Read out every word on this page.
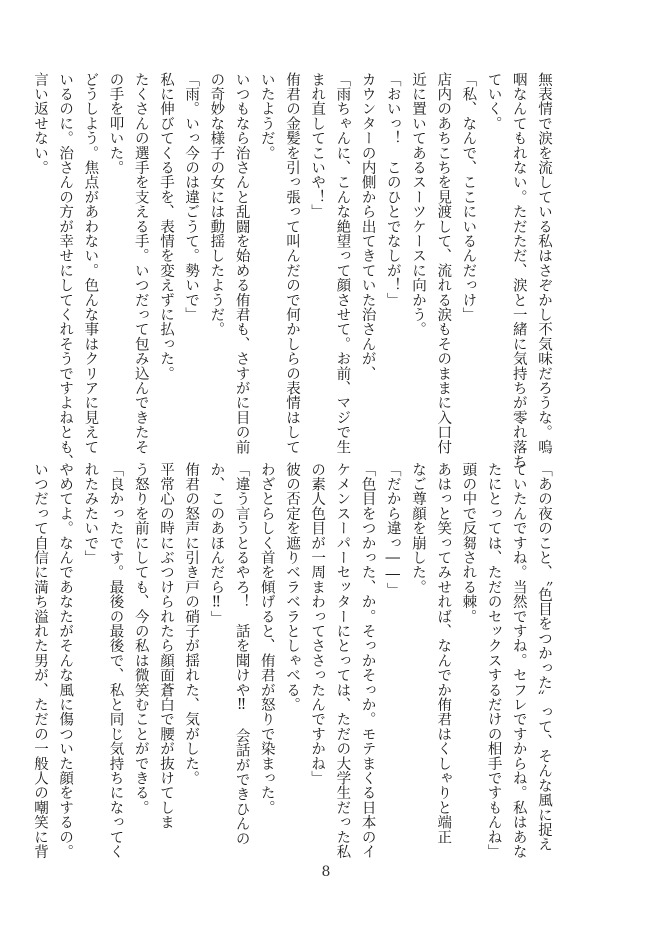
無表情で涙を流している私はさぞかし不気味だろうな。嗚
咽なんてもれない。ただただ、涙と一緒に気持ちが零れ落ち
ていく。
「私、なんで、ここにいるんだっけ」
店内のあちこちを見渡して、流れる涙もそのままに入口付
近に置いてあるスーツケースに向かう。
「おいっ！　このひとでなしが！」
カウンターの内側から出てきていた治さんが、
「雨ちゃんに、こんな絶望って顔させて。お前、マジで生
まれ直してこいや！」
侑君の金髪を引っ張って叫んだので何かしらの表情はして
いたようだ。
いつもなら治さんと乱闘を始める侑君も、さすがに目の前
の奇妙な様子の女には動揺したようだ。
「雨。いっ今のは違ごうて。勢いで」
私に伸びてくる手を、表情を変えずに払った。
たくさんの選手を支える手。いつだって包み込んできたそ
の手を叩いた。
どうしよう。焦点があわない。色んな事はクリアに見えて
いるのに。治さんの方が幸せにしてくれそうですよねとも、
言い返せない。
「あの夜のこと、〝色目をつかった〟って、そんな風に捉え
ていたんですね。当然ですね。セフレですからね。私はあな
たにとっては、ただのセックスするだけの相手ですもんね」
頭の中で反芻される棘。
あはっと笑ってみせれば、なんでか侑君はくしゃりと端正
なご尊顔を崩した。
「だから違っ――」
「色目をつかった、か。そっかそっか。モテまくる日本のイ
ケメンスーパーセッターにとっては、ただの大学生だった私
の素人色目が一周まわってささったんですかね」
彼の否定を遮りベラベラとしゃべる。
わざとらしく首を傾げると、侑君が怒りで染まった。
「違う言うとるやろ！　話を聞けや‼　会話ができひんの
か、このあほんだら‼」
侑君の怒声に引き戸の硝子が揺れた、気がした。
平常心の時にぶつけられたら顔面蒼白で腰が抜けてしま
う怒りを前にしても、今の私は微笑むことができる。
「良かったです。最後の最後で、私と同じ気持ちになってく
れたみたいで」
やめてよ。なんであなたがそんな風に傷ついた顔をするの。
いつだって自信に満ち溢れた男が、ただの一般人の嘲笑に背
8
